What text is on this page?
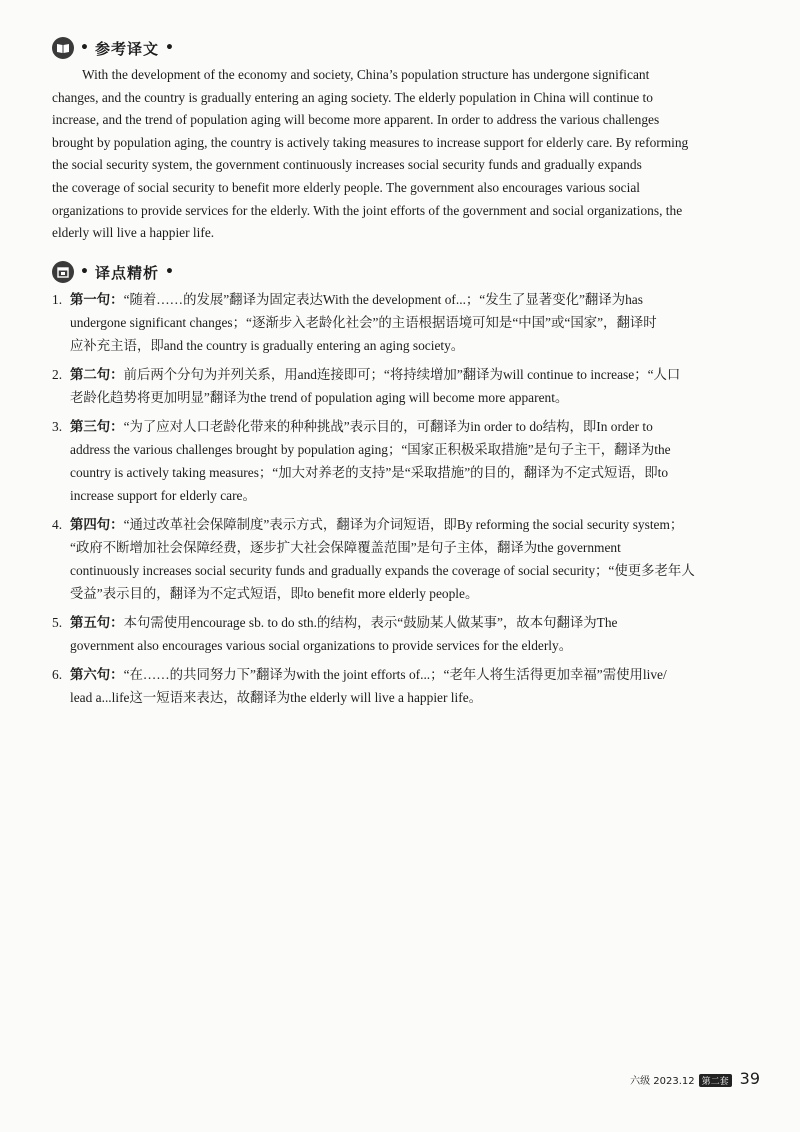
• 参考译文 •

With the development of the economy and society, China’s population structure has undergone significant
changes, and the country is gradually entering an aging society. The elderly population in China will continue to
increase, and the trend of population aging will become more apparent. In order to address the various challenges
brought by population aging, the country is actively taking measures to increase support for elderly care. By reforming
the social security system, the government continuously increases social security funds and gradually expands
the coverage of social security to benefit more elderly people. The government also encourages various social
organizations to provide services for the elderly. With the joint efforts of the government and social organizations, the
elderly will live a happier life.

• 译点精析 •
1. 第一句：“随着……的发展”翻译为固定表达With the development of...；“发生了显著变化”翻译为has
undergone significant changes；“逐渐步入老龄化社会”的主语根据语境可知是“中国”或“国家”，翻译时
应补充主语，即and the country is gradually entering an aging society。
2. 第二句：前后两个分句为并列关系，用and连接即可；“将持续增加”翻译为will continue to increase；“人口
老龄化趋势将更加明显”翻译为the trend of population aging will become more apparent。
3. 第三句：“为了应对人口老龄化带来的种种挑战”表示目的，可翻译为in order to do结构，即In order to
address the various challenges brought by population aging；“国家正积极采取措施”是句子主干，翻译为the
country is actively taking measures；“加大对养老的支持”是“采取措施”的目的，翻译为不定式短语，即to
increase support for elderly care。
4. 第四句：“通过改革社会保障制度”表示方式，翻译为介词短语，即By reforming the social security system；
“政府不断增加社会保障经费，逐步扩大社会保障覆盖范围”是句子主体，翻译为the government
continuously increases social security funds and gradually expands the coverage of social security；“使更多老年人
受益”表示目的，翻译为不定式短语，即to benefit more elderly people。
5. 第五句：本句需使用encourage sb. to do sth.的结构，表示“鼓励某人做某事”，故本句翻译为The
government also encourages various social organizations to provide services for the elderly。
6. 第六句：“在……的共同努力下”翻译为with the joint efforts of...；“老年人将生活得更加幸福”需使用live/
lead a...life这一短语来表达，故翻译为the elderly will live a happier life。
六级 2023.12 第二套 39
